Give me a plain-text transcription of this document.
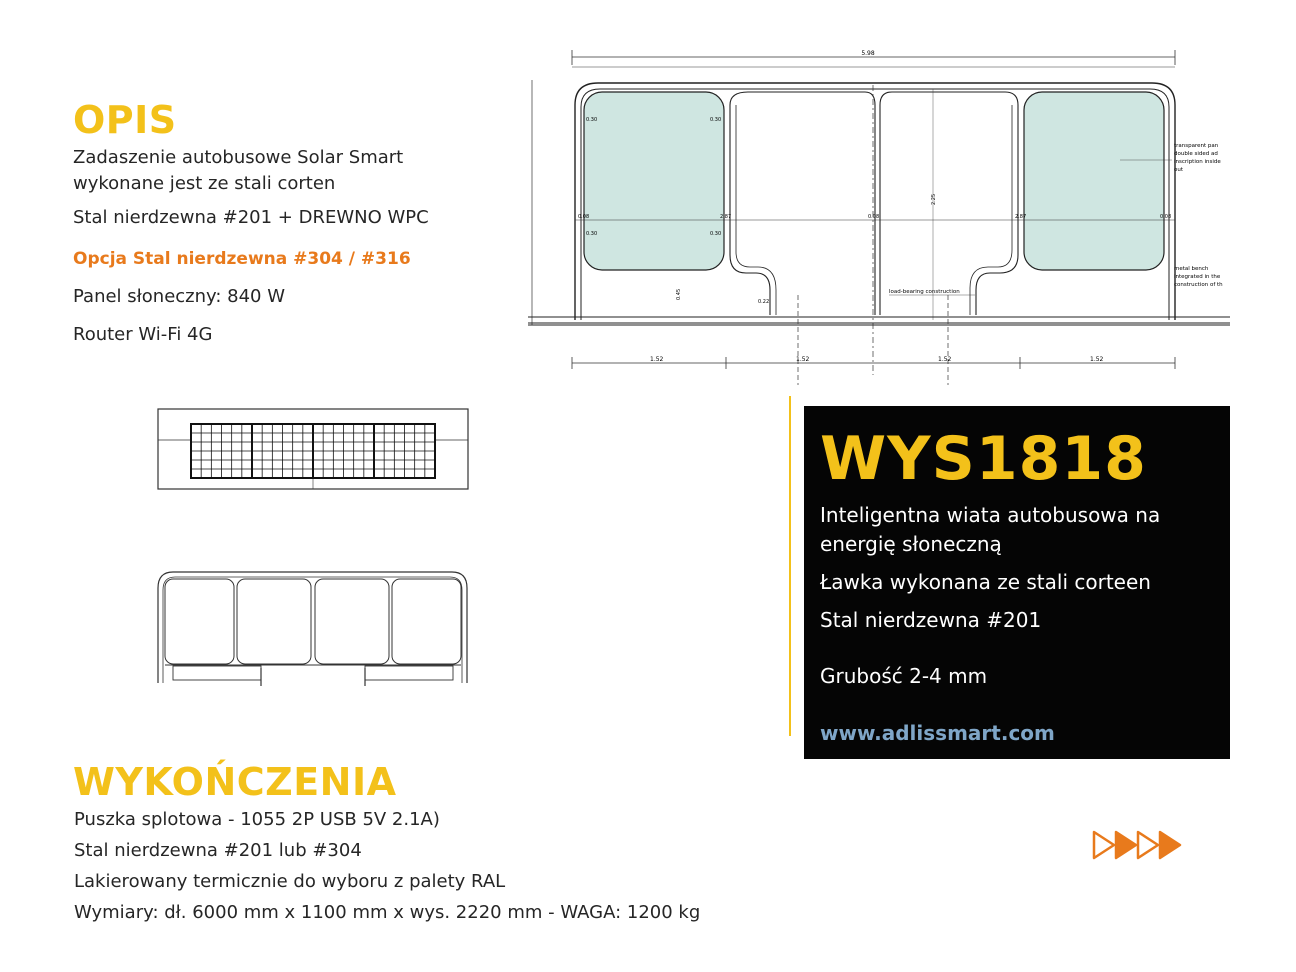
OPIS
Zadaszenie autobusowe Solar Smart wykonane jest ze stali corten
Stal nierdzewna #201 + DREWNO WPC
Opcja Stal nierdzewna #304 / #316
Panel słoneczny: 840 W
Router Wi-Fi 4G
5.98
0.08	2.87	0.08	2.87	0.08
2.25
0.30	0.30
0.30	0.30
0.45
0.22
1.52	1.52	1.52	1.52
transparent pan
double sided ad
inscription inside
out
metal bench
integrated in the
construction of th
load-bearing construction
WYS1818
Inteligentna wiata autobusowa na energię słoneczną
Ławka wykonana ze stali corteen
Stal nierdzewna #201
Grubość 2-4 mm
www.adlissmart.com
WYKOŃCZENIA
Puszka splotowa - 1055 2P USB 5V 2.1A)
Stal nierdzewna #201 lub #304
Lakierowany termicznie do wyboru z palety RAL
Wymiary: dł. 6000 mm x 1100 mm x wys. 2220 mm - WAGA: 1200 kg
